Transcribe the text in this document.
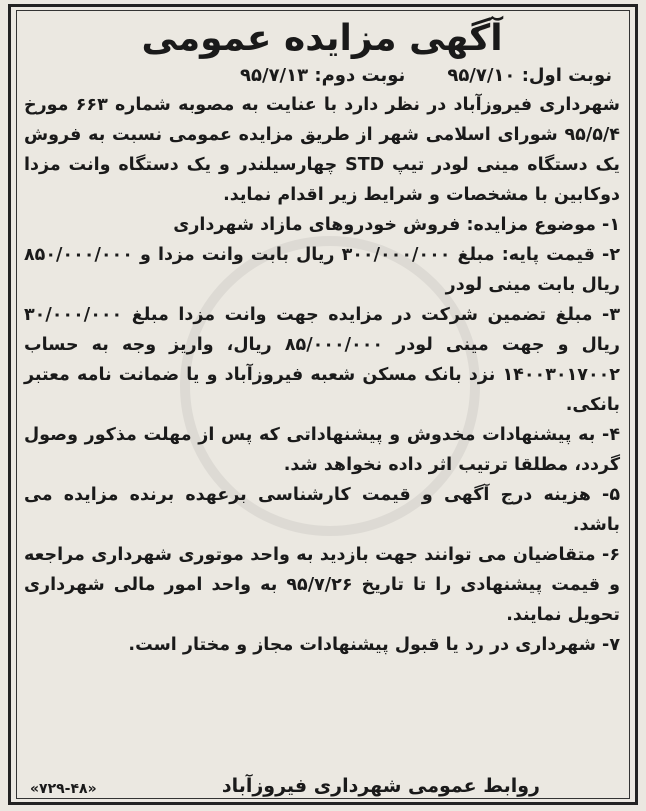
آگهی مزایده عمومی
نوبت اول: ۹۵/۷/۱۰
نوبت دوم: ۹۵/۷/۱۳

شهرداری فیروزآباد در نظر دارد با عنایت به مصوبه شماره ۶۶۳ مورخ ۹۵/۵/۴ شورای اسلامی شهر از طریق مزایده عمومی نسبت به فروش یک دستگاه مینی لودر تیپ STD چهارسیلندر و یک دستگاه وانت مزدا دوکابین با مشخصات و شرایط زیر اقدام نماید.

۱- موضوع مزایده: فروش خودروهای مازاد شهرداری

۲- قیمت پایه: مبلغ ۳۰۰/۰۰۰/۰۰۰ ریال بابت وانت مزدا و ۸۵۰/۰۰۰/۰۰۰ ریال بابت مینی لودر

۳- مبلغ تضمین شرکت در مزایده جهت وانت مزدا مبلغ ۳۰/۰۰۰/۰۰۰ ریال و جهت مینی لودر ۸۵/۰۰۰/۰۰۰ ریال، واریز وجه به حساب ۱۴۰۰۳۰۱۷۰۰۲ نزد بانک مسکن شعبه فیروزآباد و یا ضمانت نامه معتبر بانکی.

۴- به پیشنهادات مخدوش و پیشنهاداتی که پس از مهلت مذکور وصول گردد، مطلقا ترتیب اثر داده نخواهد شد.

۵- هزینه درج آگهی و قیمت کارشناسی برعهده برنده مزایده می باشد.

۶- متقاضیان می توانند جهت بازدید به واحد موتوری شهرداری مراجعه و قیمت پیشنهادی را تا تاریخ ۹۵/۷/۲۶ به واحد امور مالی شهرداری تحویل نمایند.

۷- شهرداری در رد یا قبول پیشنهادات مجاز و مختار است.

روابط عمومی شهرداری فیروزآباد
«۷۲۹-۴۸»
